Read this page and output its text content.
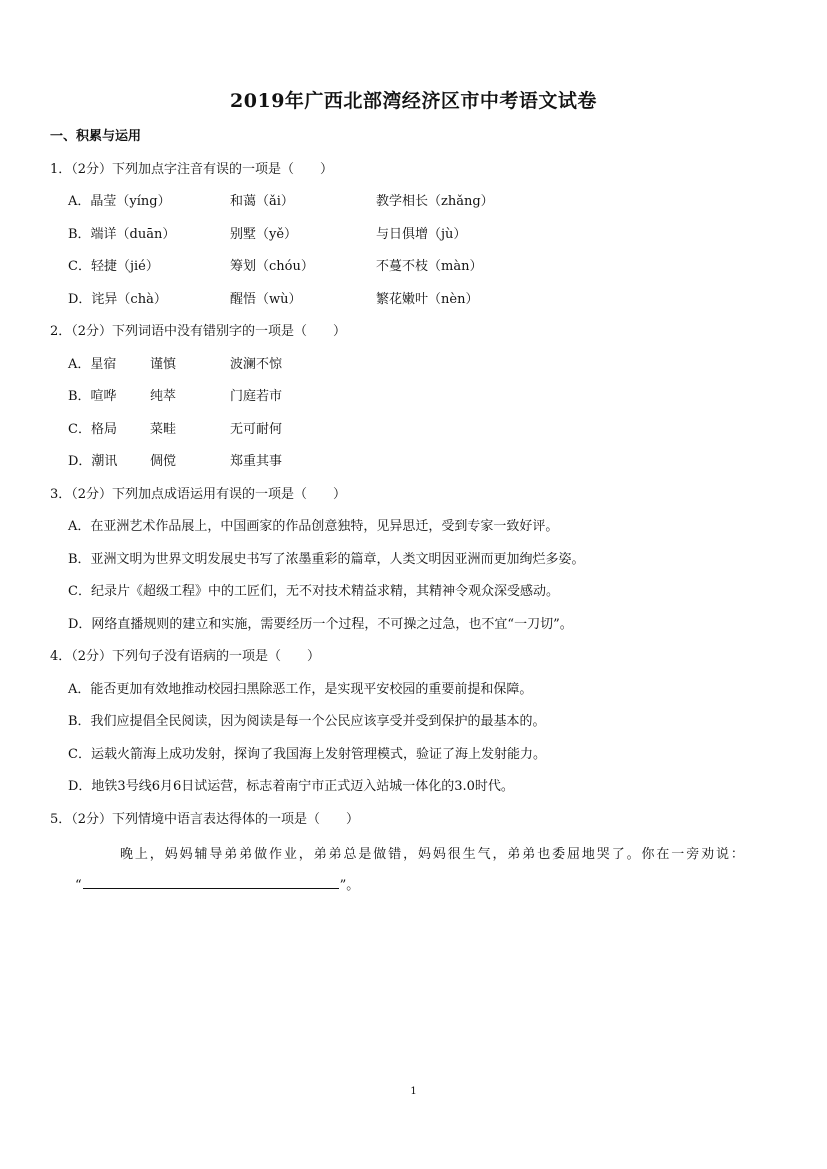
2019年广西北部湾经济区市中考语文试卷
一、积累与运用
1．（2分）下列加点字注音有误的一项是（　　）
A．晶莹（yíng）	和蔼（ǎi）	教学相长（zhǎng）
B．端详（duān）	别墅（yě）	与日俱增（jù）
C．轻捷（jié）	筹划（chóu）	不蔓不枝（màn）
D．诧异（chà）	醒悟（wù）	繁花嫩叶（nèn）
2．（2分）下列词语中没有错别字的一项是（　　）
A．星宿	谨慎	波澜不惊
B．喧哗	纯萃	门庭若市
C．格局	菜畦	无可耐何
D．潮讯	倜傥	郑重其事
3．（2分）下列加点成语运用有误的一项是（　　）
A．在亚洲艺术作品展上，中国画家的作品创意独特，见异思迁，受到专家一致好评。
B．亚洲文明为世界文明发展史书写了浓墨重彩的篇章，人类文明因亚洲而更加绚烂多姿。
C．纪录片《超级工程》中的工匠们，无不对技术精益求精，其精神令观众深受感动。
D．网络直播规则的建立和实施，需要经历一个过程，不可操之过急，也不宜“一刀切”。
4．（2分）下列句子没有语病的一项是（　　）
A．能否更加有效地推动校园扫黑除恶工作，是实现平安校园的重要前提和保障。
B．我们应提倡全民阅读，因为阅读是每一个公民应该享受并受到保护的最基本的。
C．运载火箭海上成功发射，探询了我国海上发射管理模式，验证了海上发射能力。
D．地铁3号线6月6日试运营，标志着南宁市正式迈入站城一体化的3.0时代。
5．（2分）下列情境中语言表达得体的一项是（　　）
晚上，妈妈辅导弟弟做作业，弟弟总是做错，妈妈很生气，弟弟也委屈地哭了。你在一旁劝说：
“	”。
1
